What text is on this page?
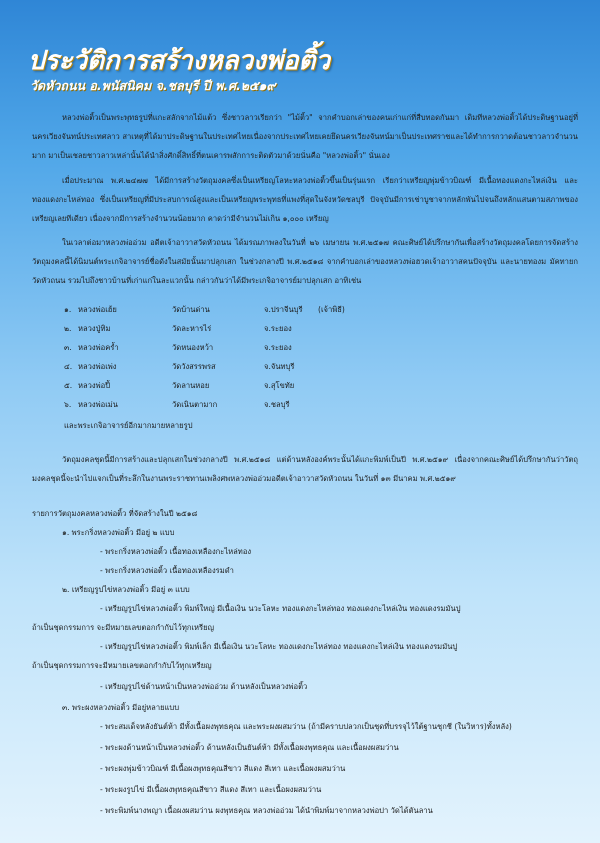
ประวัติการสร้างหลวงพ่อติ้ว
วัดหัวถนน อ.พนัสนิคม จ.ชลบุรี ปี พ.ศ.๒๕๑๙
หลวงพ่อติ้วเป็นพระพุทธรูปที่แกะสลักจากไม้แต้ว ซึ่งชาวลาวเรียกว่า "ไม้ติ้ว" จากคำบอกเล่าของคนเก่าแก่ที่สืบทอดกันมา เดิมทีหลวงพ่อติ้วได้ประดิษฐานอยู่ที่นครเวียงจันทน์ประเทศลาว สาเหตุที่ได้มาประดิษฐานในประเทศไทยเนื่องจากประเทศไทยเคยยึดนครเวียงจันทน์มาเป็นประเทศราชและได้ทำการกวาดต้อนชาวลาวจำนวนมาก มาเป็นเชลยชาวลาวเหล่านั้นได้นำสิ่งศักดิ์สิทธิ์ที่ตนเคารพสักการะติดตัวมาด้วยนั่นคือ "หลวงพ่อติ้ว" นั่นเอง
เมื่อประมาณ พ.ศ.๒๔๗๗ ได้มีการสร้างวัตถุมงคลซึ่งเป็นเหรียญโลหะหลวงพ่อติ้วขึ้นเป็นรุ่นแรก เรียกว่าเหรียญพุ่มข้าวบิณฑ์ มีเนื้อทองแดงกะไหล่เงิน และทองแดงกะไหล่ทอง ซึ่งเป็นเหรียญที่มีประสบการณ์สูงและเป็นเหรียญพระพุทธที่แพงที่สุดในจังหวัดชลบุรี ปัจจุบันมีการเช่าบูชาจากหลักพันไปจนถึงหลักแสนตามสภาพของเหรียญเลยทีเดียว เนื่องจากมีการสร้างจำนวนน้อยมาก คาดว่ามีจำนวนไม่เกิน ๑,๐๐๐ เหรียญ
ในเวลาต่อมาหลวงพ่ออ่วม อดีตเจ้าอาวาสวัดหัวถนน ได้มรณภาพลงในวันที่ ๒๖ เมษายน พ.ศ.๒๕๑๗ คณะศิษย์ได้ปรึกษากันเพื่อสร้างวัตถุมงคลโดยการจัดสร้างวัตถุมงคลนี้ได้นิมนต์พระเกจิอาจารย์ชื่อดังในสมัยนั้นมาปลุกเสก ในช่วงกลางปี พ.ศ.๒๕๑๘ จากคำบอกเล่าของหลวงพ่อฮวดเจ้าอาวาสคนปัจจุบัน และนายทองม มัคทายกวัดหัวถนน รวมไปถึงชาวบ้านที่เก่าแก่ในละแวกนั้น กล่าวกันว่าได้มีพระเกจิอาจารย์มาปลุกเสก อาทิเช่น
๑. หลวงพ่อเฮ้ย	วัดบ้านด่าน	จ.ปราจีนบุรี (เจ้าพิธี)
๒. หลวงปู่ทิม	วัดละหารไร่	จ.ระยอง
๓. หลวงพ่อคร้ำ	วัดหนองหว้า	จ.ระยอง
๔. หลวงพ่อเพ่ง	วัดวังสรรพรส	จ.จันทบุรี
๕. หลวงพ่อปี้	วัดลานหอย	จ.สุโขทัย
๖. หลวงพ่อเม่น	วัดเนินตามาก	จ.ชลบุรี
และพระเกจิอาจารย์อีกมากมายหลายรูป
วัตถุมงคลชุดนี้มีการสร้างและปลุกเสกในช่วงกลางปี พ.ศ.๒๕๑๘ แต่ด้านหลังองค์พระนั้นได้แกะพิมพ์เป็นปี พ.ศ.๒๕๑๙ เนื่องจากคณะศิษย์ได้ปรึกษากันว่าวัตถุมงคลชุดนี้จะนำไปแจกเป็นที่ระลึกในงานพระราชทานเพลิงศพหลวงพ่ออ่วมอดีตเจ้าอาวาสวัดหัวถนน ในวันที่ ๑๓ มีนาคม พ.ศ.๒๕๑๙
รายการวัตถุมงคลหลวงพ่อติ้ว ที่จัดสร้างในปี ๒๕๑๘
๑. พระกริ่งหลวงพ่อติ้ว มีอยู่ ๒ แบบ
- พระกริ่งหลวงพ่อติ้ว เนื้อทองเหลืองกะไหล่ทอง
- พระกริ่งหลวงพ่อติ้ว เนื้อทองเหลืองรมดำ
๒. เหรียญรูปไข่หลวงพ่อติ้ว มีอยู่ ๓ แบบ
- เหรียญรูปไข่หลวงพ่อติ้ว พิมพ์ใหญ่ มีเนื้อเงิน นวะโลหะ ทองแดงกะไหล่ทอง ทองแดงกะไหล่เงิน ทองแดงรมมันปู
ถ้าเป็นชุดกรรมการ จะมีหมายเลขตอกกำกับไว้ทุกเหรียญ
- เหรียญรูปไข่หลวงพ่อติ้ว พิมพ์เล็ก มีเนื้อเงิน นวะโลหะ ทองแดงกะไหล่ทอง ทองแดงกะไหล่เงิน ทองแดงรมมันปู
ถ้าเป็นชุดกรรมการจะมีหมายเลขตอกกำกับไว้ทุกเหรียญ
- เหรียญรูปไข่ด้านหน้าเป็นหลวงพ่ออ่วม ด้านหลังเป็นหลวงพ่อติ้ว
๓. พระผงหลวงพ่อติ้ว มีอยู่หลายแบบ
- พระสมเด็จหลังยันต์ห้า มีทั้งเนื้อผงพุทธคุณ และพระผงผสมว่าน (ถ้ามีคราบปลวกเป็นชุดที่บรรจุไว้ใต้ฐานชุกชี (ในวิหาร)ทั้งหลัง)
- พระผงด้านหน้าเป็นหลวงพ่อติ้ว ด้านหลังเป็นยันต์ห้า มีทั้งเนื้อผงพุทธคุณ และเนื้อผงผสมว่าน
- พระผงพุ่มข้าวบิณฑ์ มีเนื้อผงพุทธคุณสีขาว สีแดง สีเทา และเนื้อผงผสมว่าน
- พระผงรูปไข่ มีเนื้อผงพุทธคุณสีขาว สีแดง สีเทา และเนื้อผงผสมว่าน
- พระพิมพ์นางพญา เนื้อผงผสมว่าน ผงพุทธคุณ หลวงพ่ออ่วม ได้นำพิมพ์มาจากหลวงพ่อปา วัดได้ตันลาน
